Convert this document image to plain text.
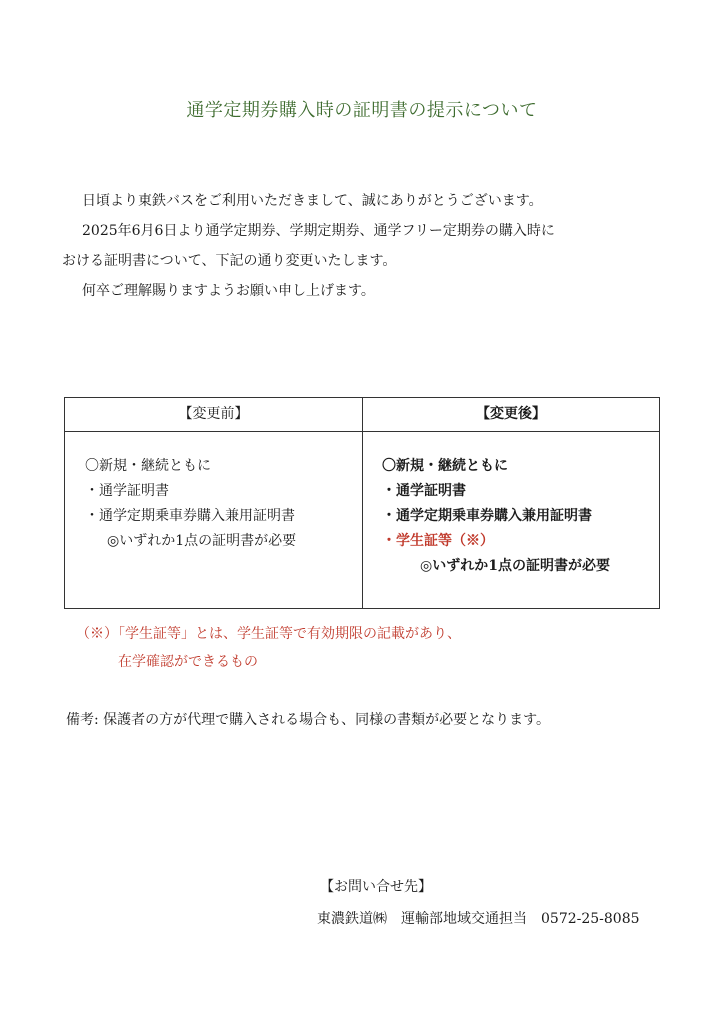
通学定期券購入時の証明書の提示について

日頃より東鉄バスをご利用いただきまして、誠にありがとうございます。

2025年6月6日より通学定期券、学期定期券、通学フリー定期券の購入時に

おける証明書について、下記の通り変更いたします。

何卒ご理解賜りますようお願い申し上げます。

【変更前】
〇新規・継続ともに
・通学証明書
・通学定期乗車券購入兼用証明書
◎いずれか1点の証明書が必要
【変更後】
〇新規・継続ともに
・通学証明書
・通学定期乗車券購入兼用証明書
・学生証等（※）
◎いずれか1点の証明書が必要
（※）「学生証等」とは、学生証等で有効期限の記載があり、
在学確認ができるもの
備考: 保護者の方が代理で購入される場合も、同様の書類が必要となります。
【お問い合せ先】
東濃鉄道㈱ 運輸部地域交通担当 0572-25-8085
